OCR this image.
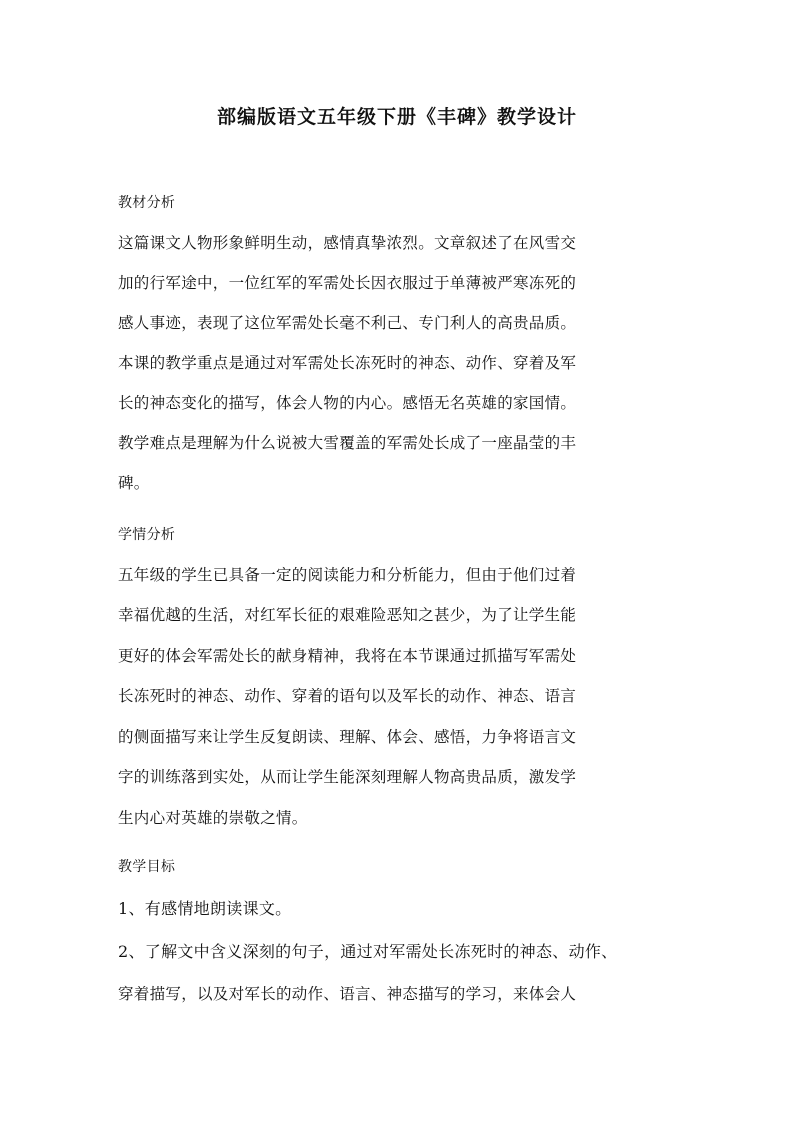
部编版语文五年级下册《丰碑》教学设计
教材分析
这篇课文人物形象鲜明生动，感情真挚浓烈。文章叙述了在风雪交
加的行军途中，一位红军的军需处长因衣服过于单薄被严寒冻死的
感人事迹，表现了这位军需处长毫不利己、专门利人的高贵品质。
本课的教学重点是通过对军需处长冻死时的神态、动作、穿着及军
长的神态变化的描写，体会人物的内心。感悟无名英雄的家国情。
教学难点是理解为什么说被大雪覆盖的军需处长成了一座晶莹的丰
碑。
学情分析
五年级的学生已具备一定的阅读能力和分析能力，但由于他们过着
幸福优越的生活，对红军长征的艰难险恶知之甚少，为了让学生能
更好的体会军需处长的献身精神，我将在本节课通过抓描写军需处
长冻死时的神态、动作、穿着的语句以及军长的动作、神态、语言
的侧面描写来让学生反复朗读、理解、体会、感悟，力争将语言文
字的训练落到实处，从而让学生能深刻理解人物高贵品质，激发学
生内心对英雄的崇敬之情。
教学目标
1、有感情地朗读课文。
2、了解文中含义深刻的句子，通过对军需处长冻死时的神态、动作、
穿着描写，以及对军长的动作、语言、神态描写的学习，来体会人
